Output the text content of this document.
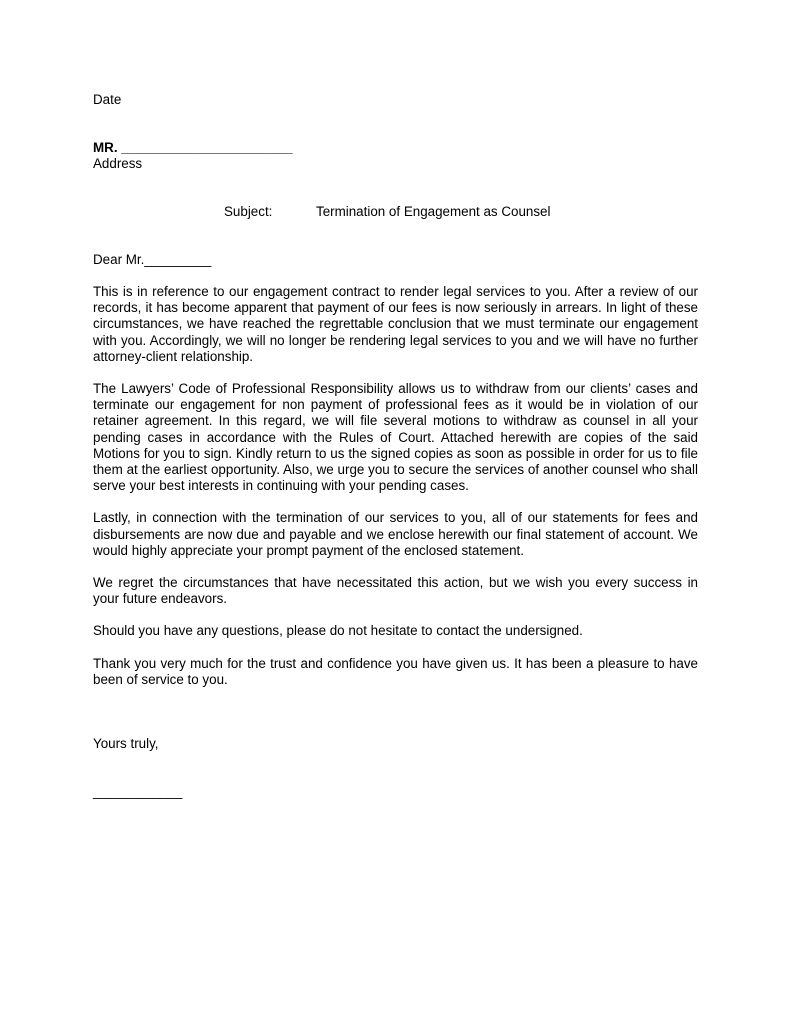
Date

MR. _______________________

Address

Subject:	Termination of Engagement as Counsel

Dear Mr._________

This is in reference to our engagement contract to render legal services to you. After a review of our records, it has become apparent that payment of our fees is now seriously in arrears. In light of these circumstances, we have reached the regrettable conclusion that we must terminate our engagement with you. Accordingly, we will no longer be rendering legal services to you and we will have no further attorney-client relationship.

The Lawyers’ Code of Professional Responsibility allows us to withdraw from our clients’ cases and terminate our engagement for non payment of professional fees as it would be in violation of our retainer agreement. In this regard, we will file several motions to withdraw as counsel in all your pending cases in accordance with the Rules of Court. Attached herewith are copies of the said Motions for you to sign. Kindly return to us the signed copies as soon as possible in order for us to file them at the earliest opportunity. Also, we urge you to secure the services of another counsel who shall serve your best interests in continuing with your pending cases.

Lastly, in connection with the termination of our services to you, all of our statements for fees and disbursements are now due and payable and we enclose herewith our final statement of account. We would highly appreciate your prompt payment of the enclosed statement.

We regret the circumstances that have necessitated this action, but we wish you every success in your future endeavors.

Should you have any questions, please do not hesitate to contact the undersigned.

Thank you very much for the trust and confidence you have given us. It has been a pleasure to have been of service to you.

Yours truly,

____________
